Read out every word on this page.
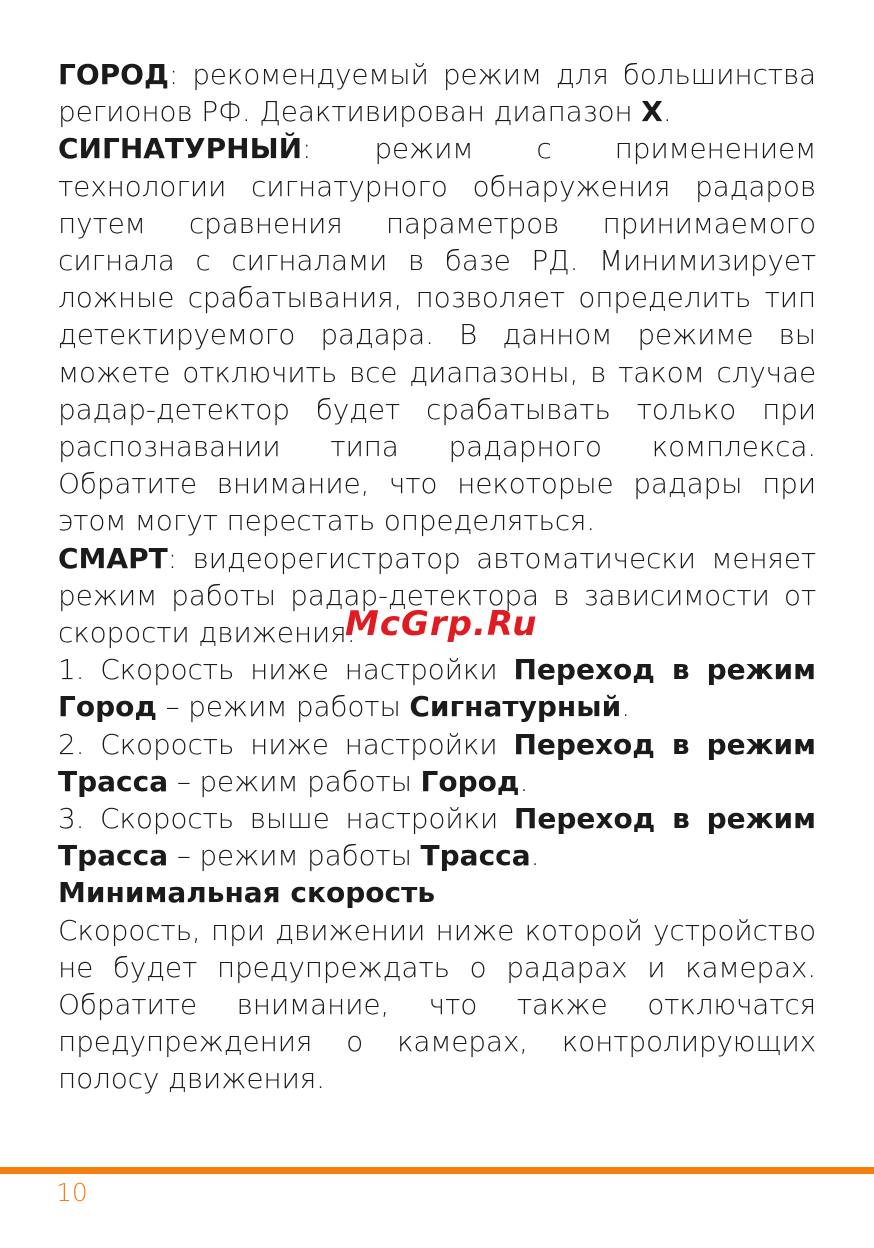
ГОРОД: рекомендуемый режим для большинства регионов РФ. Деактивирован диапазон X.

СИГНАТУРНЫЙ: режим с применением технологии сигнатурного обнаружения радаров путем сравнения параметров принимаемого сигнала с сигналами в базе РД. Минимизирует ложные срабатывания, позволяет определить тип детектируемого радара. В данном режиме вы можете отключить все диапазоны, в таком случае радар-детектор будет срабатывать только при распознавании типа радарного комплекса. Обратите внимание, что некоторые радары при этом могут перестать определяться.

СМАРТ: видеорегистратор автоматически меняет режим работы радар-детектора в зависимости от скорости движения:

1. Скорость ниже настройки Переход в режим Город – режим работы Сигнатурный.

2. Скорость ниже настройки Переход в режим Трасса – режим работы Город.

3. Скорость выше настройки Переход в режим Трасса – режим работы Трасса.

Минимальная скорость

Скорость, при движении ниже которой устройство не будет предупреждать о радарах и камерах. Обратите внимание, что также отключатся предупреждения о камерах, контролирующих полосу движения.

McGrp.Ru
10
